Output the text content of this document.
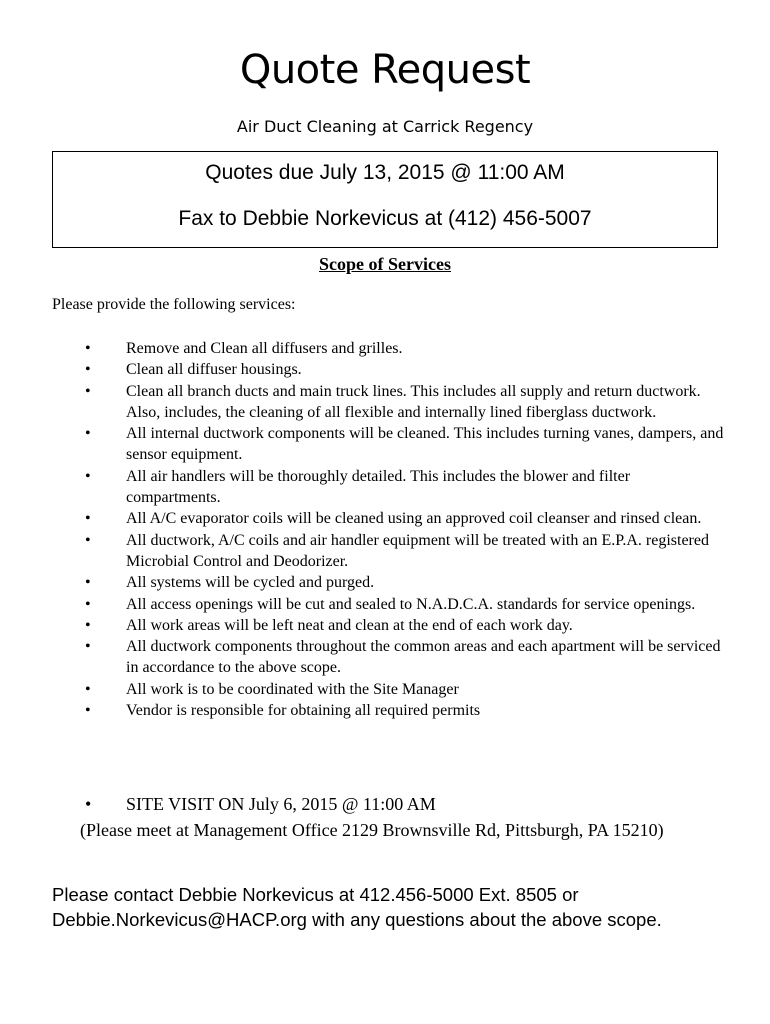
Quote Request

Air Duct Cleaning at Carrick Regency

Quotes due July 13, 2015 @ 11:00 AM

Fax to Debbie Norkevicus at (412) 456-5007

Scope of Services

Please provide the following services:

• Remove and Clean all diffusers and grilles.
• Clean all diffuser housings.
• Clean all branch ducts and main truck lines. This includes all supply and return ductwork. Also, includes, the cleaning of all flexible and internally lined fiberglass ductwork.
• All internal ductwork components will be cleaned. This includes turning vanes, dampers, and sensor equipment.
• All air handlers will be thoroughly detailed. This includes the blower and filter compartments.
• All A/C evaporator coils will be cleaned using an approved coil cleanser and rinsed clean.
• All ductwork, A/C coils and air handler equipment will be treated with an E.P.A. registered Microbial Control and Deodorizer.
• All systems will be cycled and purged.
• All access openings will be cut and sealed to N.A.D.C.A. standards for service openings.
• All work areas will be left neat and clean at the end of each work day.
• All ductwork components throughout the common areas and each apartment will be serviced in accordance to the above scope.
• All work is to be coordinated with the Site Manager
• Vendor is responsible for obtaining all required permits
• SITE VISIT ON July 6, 2015 @ 11:00 AM

(Please meet at Management Office 2129 Brownsville Rd, Pittsburgh, PA 15210)

Please contact Debbie Norkevicus at 412.456-5000 Ext. 8505 or Debbie.Norkevicus@HACP.org with any questions about the above scope.
